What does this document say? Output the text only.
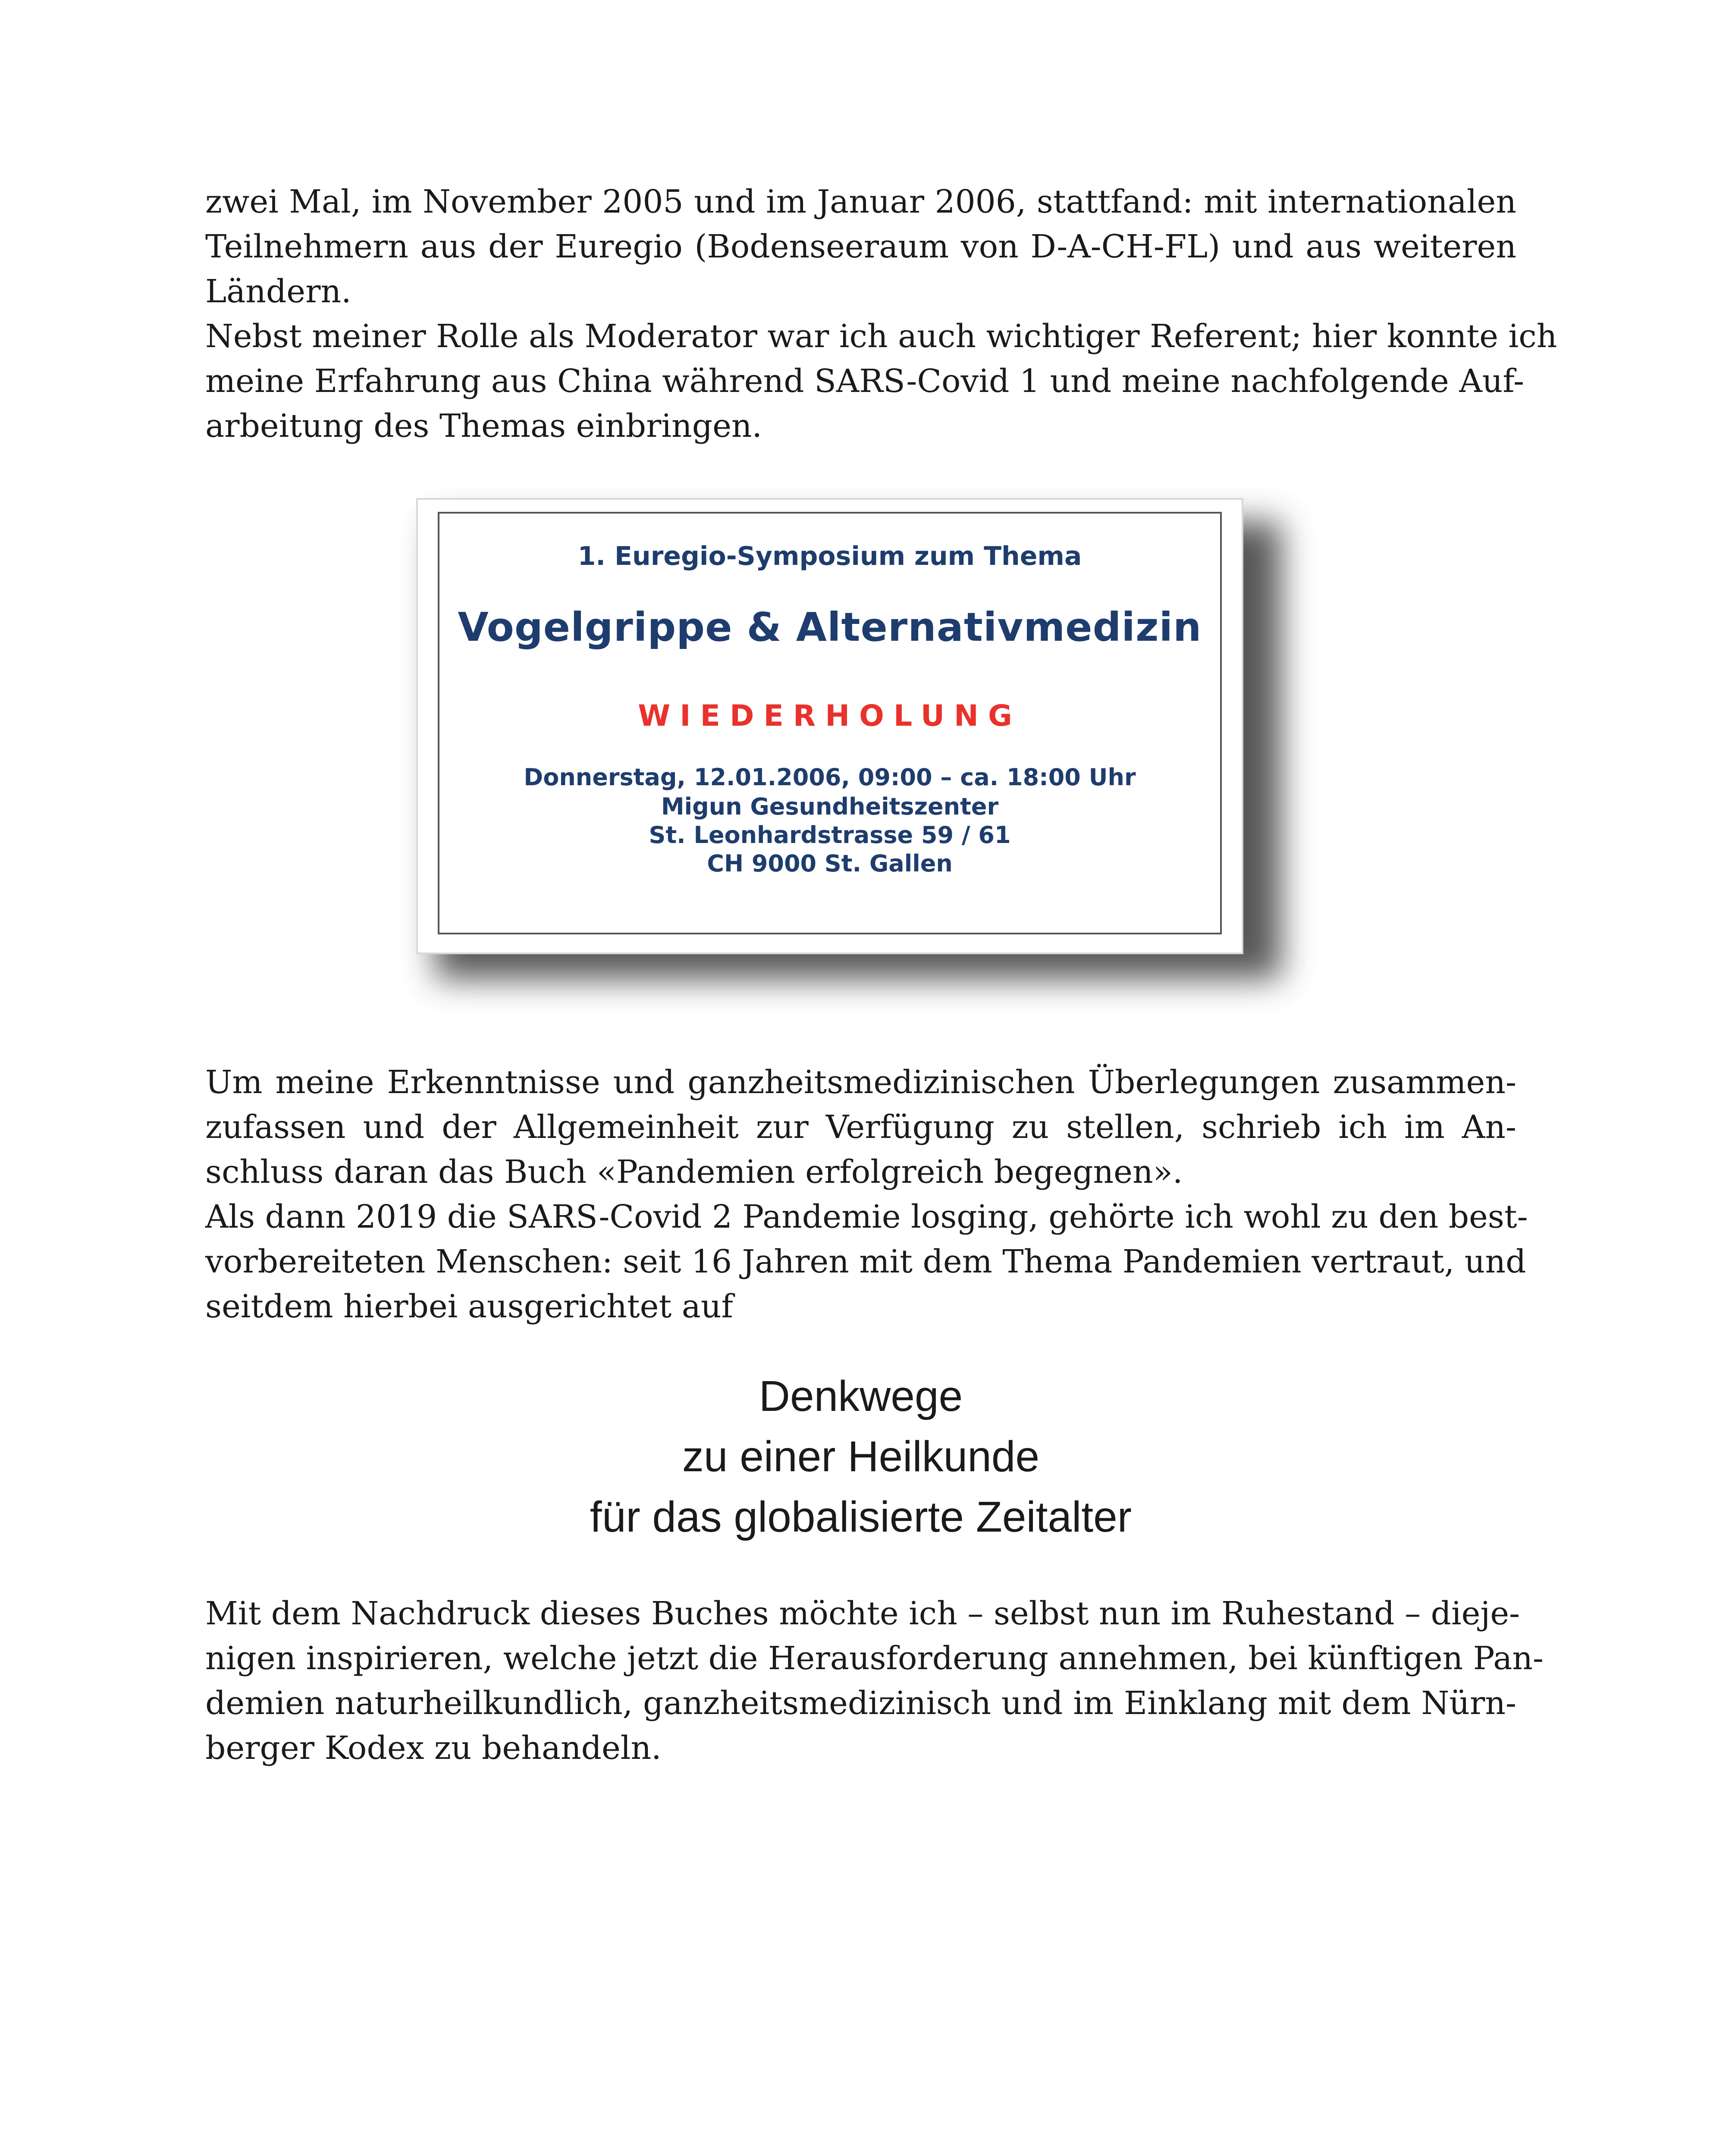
zwei Mal, im November 2005 und im Januar 2006, stattfand: mit internationalen
Teilnehmern aus der Euregio (Bodenseeraum von D-A-CH-FL) und aus weiteren
Ländern.
Nebst meiner Rolle als Moderator war ich auch wichtiger Referent; hier konnte ich
meine Erfahrung aus China während SARS-Covid 1 und meine nachfolgende Auf-
arbeitung des Themas einbringen.
1. Euregio-Symposium zum Thema
Vogelgrippe & Alternativmedizin
WIEDERHOLUNG
Donnerstag, 12.01.2006, 09:00 – ca. 18:00 Uhr
Migun Gesundheitszenter
St. Leonhardstrasse 59 / 61
CH 9000 St. Gallen
Um meine Erkenntnisse und ganzheitsmedizinischen Überlegungen zusammen-
zufassen und der Allgemeinheit zur Verfügung zu stellen, schrieb ich im An-
schluss daran das Buch «Pandemien erfolgreich begegnen».
Als dann 2019 die SARS-Covid 2 Pandemie losging, gehörte ich wohl zu den best-
vorbereiteten Menschen: seit 16 Jahren mit dem Thema Pandemien vertraut, und
seitdem hierbei ausgerichtet auf
Denkwege
zu einer Heilkunde
für das globalisierte Zeitalter
Mit dem Nachdruck dieses Buches möchte ich – selbst nun im Ruhestand – dieje-
nigen inspirieren, welche jetzt die Herausforderung annehmen, bei künftigen Pan-
demien naturheilkundlich, ganzheitsmedizinisch und im Einklang mit dem Nürn-
berger Kodex zu behandeln.
